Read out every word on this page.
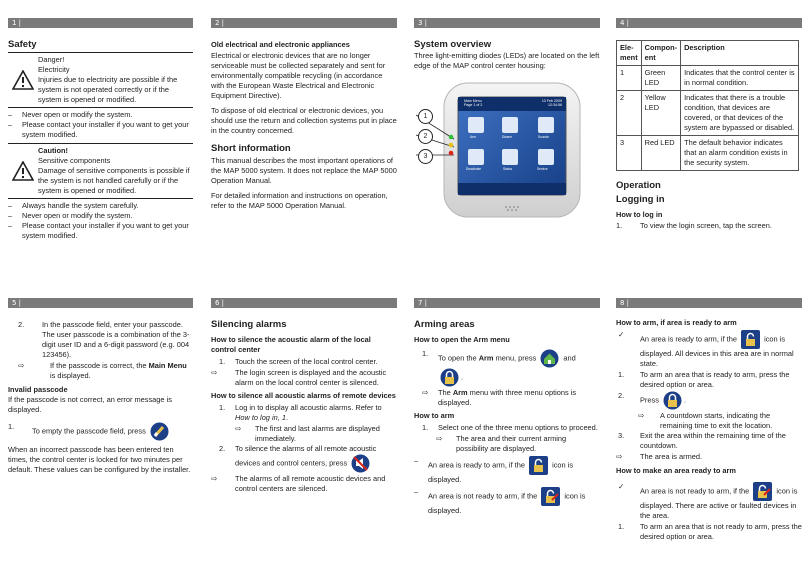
1 |
Safety
Danger!
Electricity
Injuries due to electricity are possible if the system is not operated correctly or if the system is opened or modified.
–	Never open or modify the system.
–	Please contact your installer if you want to get your system modified.
Caution!
Sensitive components
Damage of sensitive components is possible if the system is not handled carefully or if the system is opened or modified.
–	Always handle the system carefully.
–	Never open or modify the system.
–	Please contact your installer if you want to get your system modified.
2 |
Old electrical and electronic appliances

Electrical or electronic devices that are no longer serviceable must be collected separately and sent for environmentally compatible recycling (in accordance with the European Waste Electrical and Electronic Equipment Directive).

To dispose of old electrical or electronic devices, you should use the return and collection systems put in place in the country concerned.

Short information

This manual describes the most important operations of the MAP 5000 system. It does not replace the MAP 5000 Operation Manual.

For detailed information and instructions on operation, refer to the MAP 5000 Operation Manual.

3 |
System overview

Three light-emitting diodes (LEDs) are located on the left edge of the MAP control center housing:

1
2
3
Main Menu
Page 1 of 2
13 Feb 2009
12:34:56
Arm	Disarm	Sounds
Deactivate	Status	Service
4 |
Ele-ment	Compon-ent	Description
1	Green LED	Indicates that the control center is in normal condition.
2	Yellow LED	Indicates that there is a trouble condition, that devices are covered, or that devices of the system are bypassed or disabled.
3	Red LED	The default behavior indicates that an alarm condition exists in the security system.
Operation
Logging in
How to log in
1.	To view the login screen, tap the screen.
5 |
2.	In the passcode field, enter your passcode.
The user passcode is a combination of the 3-digit user ID and a 6-digit password (e.g. 004 123456).
⇨	If the passcode is correct, the Main Menu is displayed.
Invalid passcode

If the passcode is not correct, an error message is displayed.

1.	To empty the passcode field, press

When an incorrect passcode has been entered ten times, the control center is locked for two minutes per default. These values can be configured by the installer.

6 |
Silencing alarms
How to silence the acoustic alarm of the local control center
1.	Touch the screen of the local control center.
⇨	The login screen is displayed and the acoustic alarm on the local control center is silenced.
How to silence all acoustic alarms of remote devices
1.	Log in to display all acoustic alarms. Refer to How to log in, 1.
⇨	The first and last alarms are displayed immediately.
2.	To silence the alarms of all remote acoustic devices and control centers, press
⇨	The alarms of all remote acoustic devices and control centers are silenced.
7 |
Arming areas
How to open the Arm menu
1.	To open the Arm menu, press	and
.
⇨	The Arm menu with three menu options is displayed.
How to arm
1.	Select one of the three menu options to proceed.
⇨	The area and their current arming possibility are displayed.
–	An area is ready to arm, if the	icon is displayed.
–	An area is not ready to arm, if the	icon is displayed.
8 |
How to arm, if area is ready to arm
✓	An area is ready to arm, if the	icon is displayed. All devices in this area are in normal state.
1.	To arm an area that is ready to arm, press the desired option or area.
2.	Press	.
⇨	A countdown starts, indicating the remaining time to exit the location.
3.	Exit the area within the remaining time of the countdown.
⇨	The area is armed.
How to make an area ready to arm
✓	An area is not ready to arm, if the	icon is displayed. There are active or faulted devices in the area.
1.	To arm an area that is not ready to arm, press the desired option or area.
